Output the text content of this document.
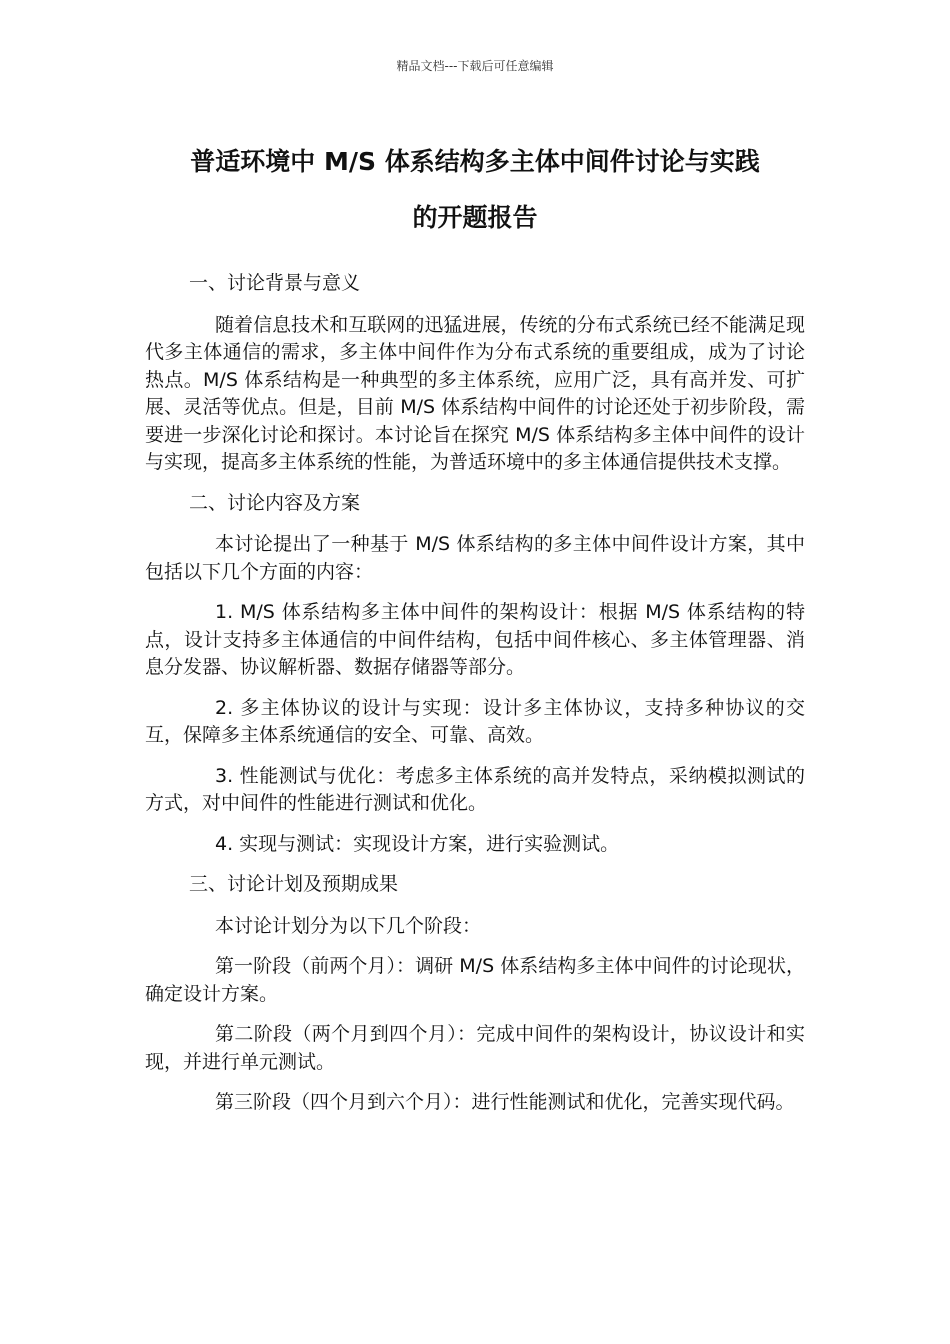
精品文档---下载后可任意编辑
普适环境中 M/S 体系结构多主体中间件讨论与实践
的开题报告

一、讨论背景与意义

随着信息技术和互联网的迅猛进展，传统的分布式系统已经不能满足现代多主体通信的需求，多主体中间件作为分布式系统的重要组成，成为了讨论热点。M/S 体系结构是一种典型的多主体系统，应用广泛，具有高并发、可扩展、灵活等优点。但是，目前 M/S 体系结构中间件的讨论还处于初步阶段，需要进一步深化讨论和探讨。本讨论旨在探究 M/S 体系结构多主体中间件的设计与实现，提高多主体系统的性能，为普适环境中的多主体通信提供技术支撑。

二、讨论内容及方案

本讨论提出了一种基于 M/S 体系结构的多主体中间件设计方案，其中包括以下几个方面的内容：

1. M/S 体系结构多主体中间件的架构设计：根据 M/S 体系结构的特点，设计支持多主体通信的中间件结构，包括中间件核心、多主体管理器、消息分发器、协议解析器、数据存储器等部分。

2. 多主体协议的设计与实现：设计多主体协议，支持多种协议的交互，保障多主体系统通信的安全、可靠、高效。

3. 性能测试与优化：考虑多主体系统的高并发特点，采纳模拟测试的方式，对中间件的性能进行测试和优化。

4. 实现与测试：实现设计方案，进行实验测试。

三、讨论计划及预期成果

本讨论计划分为以下几个阶段：

第一阶段（前两个月）：调研 M/S 体系结构多主体中间件的讨论现状，确定设计方案。

第二阶段（两个月到四个月）：完成中间件的架构设计，协议设计和实现，并进行单元测试。

第三阶段（四个月到六个月）：进行性能测试和优化，完善实现代码。
